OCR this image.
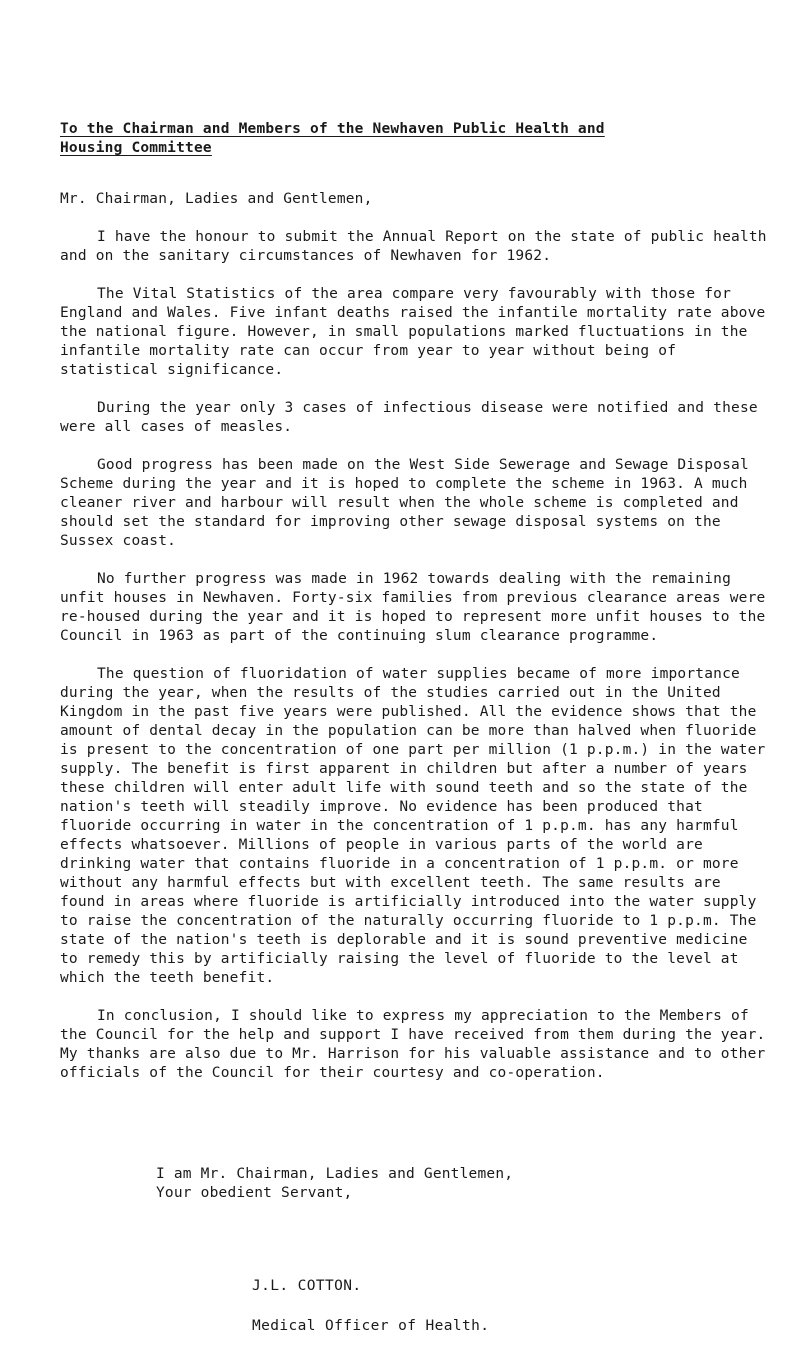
To the Chairman and Members of the Newhaven Public Health and
Housing Committee

Mr. Chairman, Ladies and Gentlemen,

I have the honour to submit the Annual Report on the state of public health and on the sanitary circumstances of Newhaven for 1962.

The Vital Statistics of the area compare very favourably with those for England and Wales. Five infant deaths raised the infantile mortality rate above the national figure. However, in small populations marked fluctuations in the infantile mortality rate can occur from year to year without being of statistical significance.

During the year only 3 cases of infectious disease were notified and these were all cases of measles.

Good progress has been made on the West Side Sewerage and Sewage Disposal Scheme during the year and it is hoped to complete the scheme in 1963. A much cleaner river and harbour will result when the whole scheme is completed and should set the standard for improving other sewage disposal systems on the Sussex coast.

No further progress was made in 1962 towards dealing with the remaining unfit houses in Newhaven. Forty-six families from previous clearance areas were re-housed during the year and it is hoped to represent more unfit houses to the Council in 1963 as part of the continuing slum clearance programme.

The question of fluoridation of water supplies became of more importance during the year, when the results of the studies carried out in the United Kingdom in the past five years were published. All the evidence shows that the amount of dental decay in the population can be more than halved when fluoride is present to the concentration of one part per million (1 p.p.m.) in the water supply. The benefit is first apparent in children but after a number of years these children will enter adult life with sound teeth and so the state of the nation's teeth will steadily improve. No evidence has been produced that fluoride occurring in water in the concentration of 1 p.p.m. has any harmful effects whatsoever. Millions of people in various parts of the world are drinking water that contains fluoride in a concentration of 1 p.p.m. or more without any harmful effects but with excellent teeth. The same results are found in areas where fluoride is artificially introduced into the water supply to raise the concentration of the naturally occurring fluoride to 1 p.p.m. The state of the nation's teeth is deplorable and it is sound preventive medicine to remedy this by artificially raising the level of fluoride to the level at which the teeth benefit.

In conclusion, I should like to express my appreciation to the Members of the Council for the help and support I have received from them during the year. My thanks are also due to Mr. Harrison for his valuable assistance and to other officials of the Council for their courtesy and co-operation.

I am Mr. Chairman, Ladies and Gentlemen,
Your obedient Servant,
J.L. COTTON.
Medical Officer of Health.
